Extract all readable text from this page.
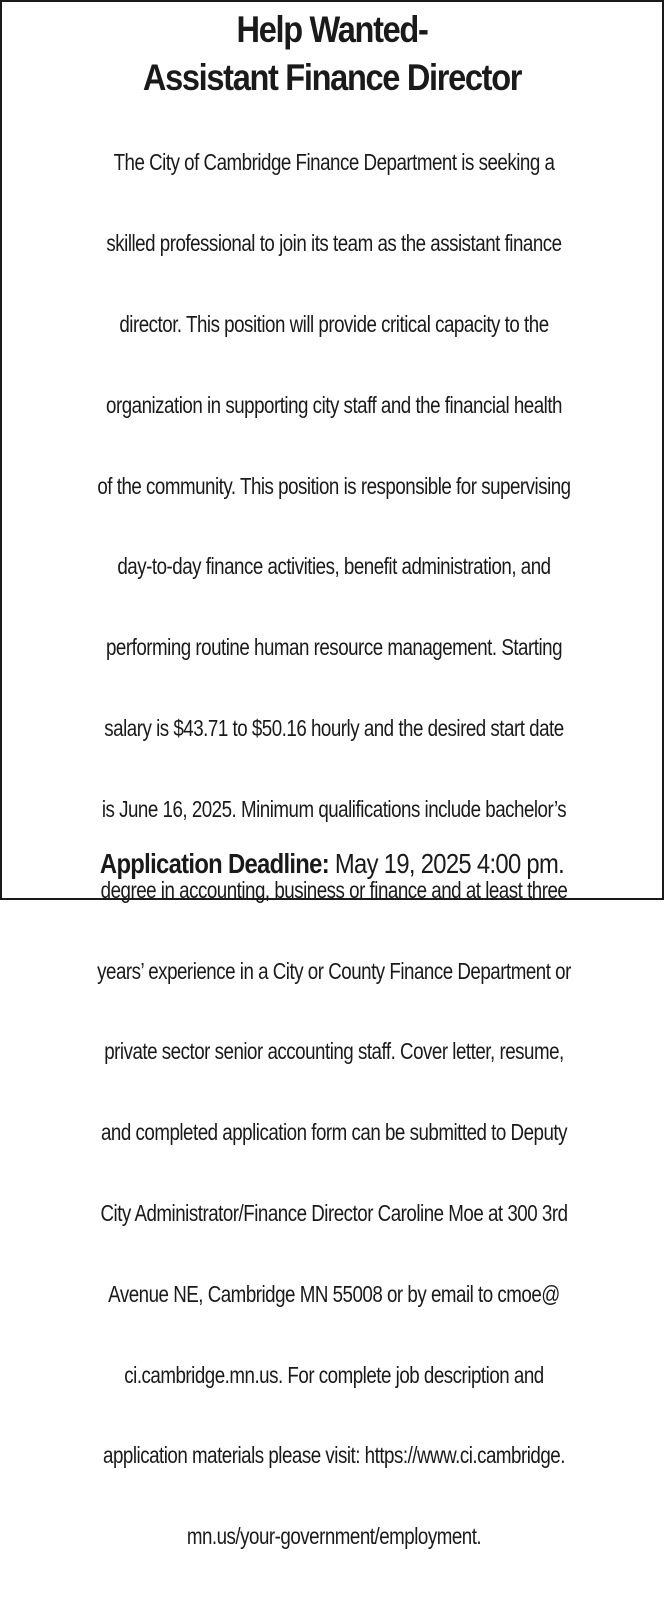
Help Wanted-
Assistant Finance Director

The City of Cambridge Finance Department is seeking a

skilled professional to join its team as the assistant finance

director. This position will provide critical capacity to the

organization in supporting city staff and the financial health

of the community. This position is responsible for supervising

day-to-day finance activities, benefit administration, and

performing routine human resource management. Starting

salary is $43.71 to $50.16 hourly and the desired start date

is June 16, 2025. Minimum qualifications include bachelor’s

degree in accounting, business or finance and at least three

years’ experience in a City or County Finance Department or

private sector senior accounting staff. Cover letter, resume,

and completed application form can be submitted to Deputy

City Administrator/Finance Director Caroline Moe at 300 3rd

Avenue NE, Cambridge MN 55008 or by email to cmoe@

ci.cambridge.mn.us. For complete job description and

application materials please visit: https://www.ci.cambridge.

mn.us/your-government/employment.

Application Deadline: May 19, 2025 4:00 pm.
